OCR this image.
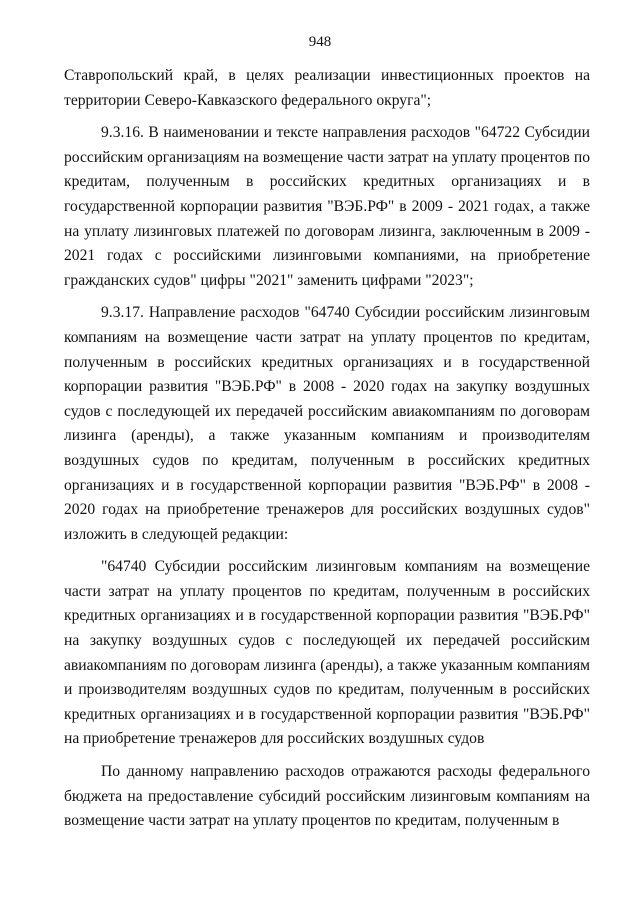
948

Ставропольский край, в целях реализации инвестиционных проектов на территории Северо-Кавказского федерального округа";

9.3.16. В наименовании и тексте направления расходов "64722 Субсидии российским организациям на возмещение части затрат на уплату процентов по кредитам, полученным в российских кредитных организациях и в государственной корпорации развития "ВЭБ.РФ" в 2009 - 2021 годах, а также на уплату лизинговых платежей по договорам лизинга, заключенным в 2009 - 2021 годах с российскими лизинговыми компаниями, на приобретение гражданских судов" цифры "2021" заменить цифрами "2023";

9.3.17. Направление расходов "64740 Субсидии российским лизинговым компаниям на возмещение части затрат на уплату процентов по кредитам, полученным в российских кредитных организациях и в государственной корпорации развития "ВЭБ.РФ" в 2008 - 2020 годах на закупку воздушных судов с последующей их передачей российским авиакомпаниям по договорам лизинга (аренды), а также указанным компаниям и производителям воздушных судов по кредитам, полученным в российских кредитных организациях и в государственной корпорации развития "ВЭБ.РФ" в 2008 - 2020 годах на приобретение тренажеров для российских воздушных судов" изложить в следующей редакции:

"64740 Субсидии российским лизинговым компаниям на возмещение части затрат на уплату процентов по кредитам, полученным в российских кредитных организациях и в государственной корпорации развития "ВЭБ.РФ" на закупку воздушных судов с последующей их передачей российским авиакомпаниям по договорам лизинга (аренды), а также указанным компаниям и производителям воздушных судов по кредитам, полученным в российских кредитных организациях и в государственной корпорации развития "ВЭБ.РФ" на приобретение тренажеров для российских воздушных судов

По данному направлению расходов отражаются расходы федерального бюджета на предоставление субсидий российским лизинговым компаниям на возмещение части затрат на уплату процентов по кредитам, полученным в
